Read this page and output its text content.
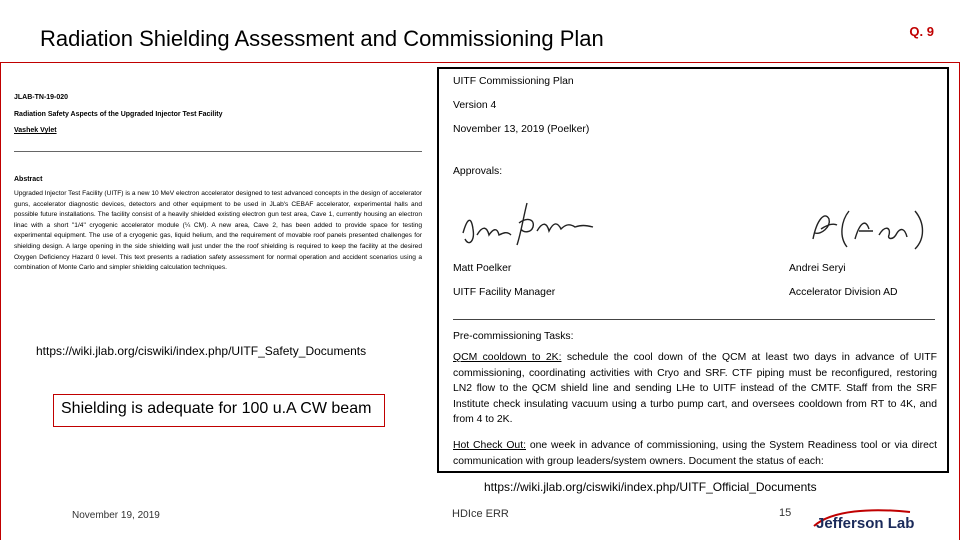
Radiation Shielding Assessment and Commissioning Plan	Q. 9
JLAB-TN-19-020
Radiation Safety Aspects of the Upgraded Injector Test Facility
Vashek Vylet
Abstract
Upgraded Injector Test Facility (UITF) is a new 10 MeV electron accelerator designed to test advanced concepts in the design of accelerator guns, accelerator diagnostic devices, detectors and other equipment to be used in JLab's CEBAF accelerator, experimental halls and possible future installations. The facility consist of a heavily shielded existing electron gun test area, Cave 1, currently housing an electron linac with a short "1/4" cryogenic accelerator module (¼ CM). A new area, Cave 2, has been added to provide space for testing experimental equipment. The use of a cryogenic gas, liquid helium, and the requirement of movable roof panels presented challenges for shielding design. A large opening in the side shielding wall just under the the roof shielding is required to keep the facility at the desired Oxygen Deficiency Hazard 0 level. This text presents a radiation safety assessment for normal operation and accident scenarios using a combination of Monte Carlo and simpler shielding calculation techniques.
https://wiki.jlab.org/ciswiki/index.php/UITF_Safety_Documents
Shielding is adequate for 100 u.A CW beam
UITF Commissioning Plan
Version 4
November 13, 2019 (Poelker)
Approvals:
Matt Poelker	Andrei Seryi
UITF Facility Manager	Accelerator Division AD
Pre-commissioning Tasks:
QCM cooldown to 2K: schedule the cool down of the QCM at least two days in advance of UITF commissioning, coordinating activities with Cryo and SRF. CTF piping must be reconfigured, restoring LN2 flow to the QCM shield line and sending LHe to UITF instead of the CMTF. Staff from the SRF Institute check insulating vacuum using a turbo pump cart, and oversees cooldown from RT to 4K, and from 4 to 2K.
Hot Check Out: one week in advance of commissioning, using the System Readiness tool or via direct communication with group leaders/system owners. Document the status of each:
https://wiki.jlab.org/ciswiki/index.php/UITF_Official_Documents
November 19, 2019	HDIce ERR	15
Jefferson Lab
